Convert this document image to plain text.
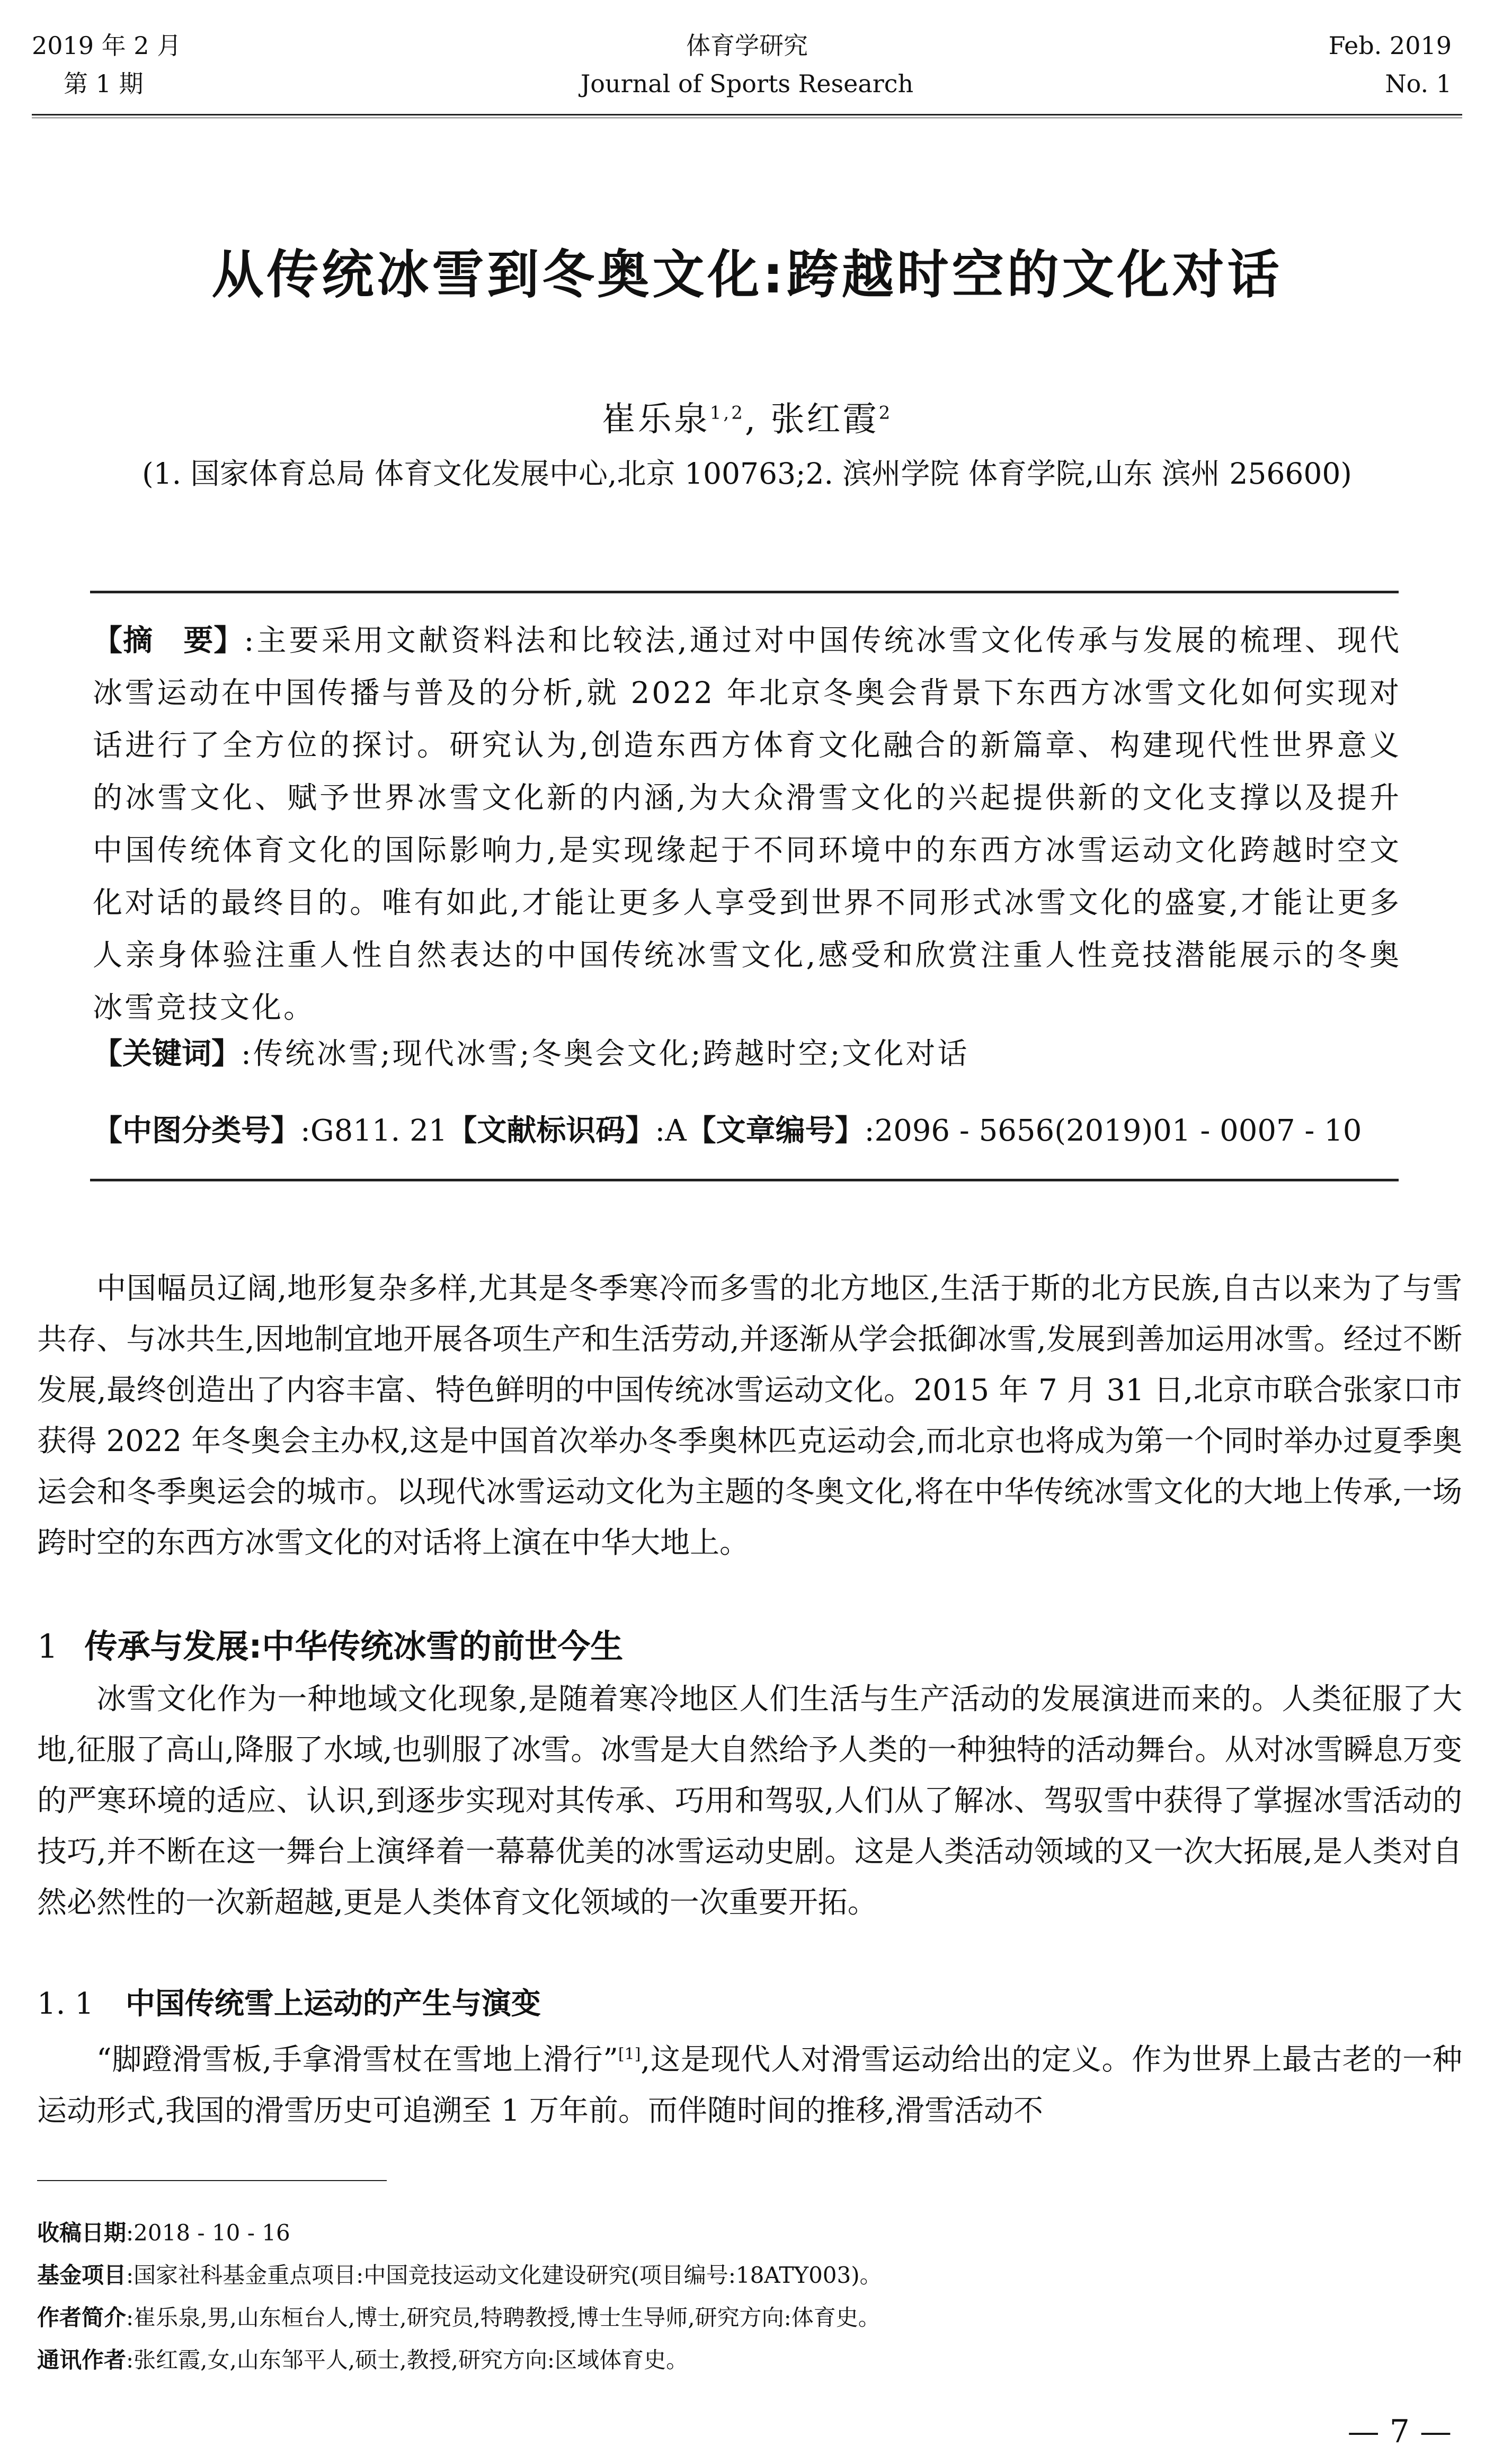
2019 年 2 月
第 1 期
体育学研究
Journal of Sports Research
Feb. 2019
No. 1
从传统冰雪到冬奥文化:跨越时空的文化对话
崔乐泉$^{1,2}$, 张红霞$^2$
(1. 国家体育总局 体育文化发展中心,北京 100763;2. 滨州学院 体育学院,山东 滨州 256600)

【摘　要】:主要采用文献资料法和比较法,通过对中国传统冰雪文化传承与发展的梳理、现代冰雪运动在中国传播与普及的分析,就 2022 年北京冬奥会背景下东西方冰雪文化如何实现对话进行了全方位的探讨。研究认为,创造东西方体育文化融合的新篇章、构建现代性世界意义的冰雪文化、赋予世界冰雪文化新的内涵,为大众滑雪文化的兴起提供新的文化支撑以及提升中国传统体育文化的国际影响力,是实现缘起于不同环境中的东西方冰雪运动文化跨越时空文化对话的最终目的。唯有如此,才能让更多人享受到世界不同形式冰雪文化的盛宴,才能让更多人亲身体验注重人性自然表达的中国传统冰雪文化,感受和欣赏注重人性竞技潜能展示的冬奥冰雪竞技文化。

【关键词】:传统冰雪;现代冰雪;冬奥会文化;跨越时空;文化对话

【中图分类号】:G811. 21【文献标识码】:A【文章编号】:2096 - 5656(2019)01 - 0007 - 10

中国幅员辽阔,地形复杂多样,尤其是冬季寒冷而多雪的北方地区,生活于斯的北方民族,自古以来为了与雪共存、与冰共生,因地制宜地开展各项生产和生活劳动,并逐渐从学会抵御冰雪,发展到善加运用冰雪。经过不断发展,最终创造出了内容丰富、特色鲜明的中国传统冰雪运动文化。2015 年 7 月 31 日,北京市联合张家口市获得 2022 年冬奥会主办权,这是中国首次举办冬季奥林匹克运动会,而北京也将成为第一个同时举办过夏季奥运会和冬季奥运会的城市。以现代冰雪运动文化为主题的冬奥文化,将在中华传统冰雪文化的大地上传承,一场跨时空的东西方冰雪文化的对话将上演在中华大地上。

1 传承与发展:中华传统冰雪的前世今生

冰雪文化作为一种地域文化现象,是随着寒冷地区人们生活与生产活动的发展演进而来的。人类征服了大地,征服了高山,降服了水域,也驯服了冰雪。冰雪是大自然给予人类的一种独特的活动舞台。从对冰雪瞬息万变的严寒环境的适应、认识,到逐步实现对其传承、巧用和驾驭,人们从了解冰、驾驭雪中获得了掌握冰雪活动的技巧,并不断在这一舞台上演绎着一幕幕优美的冰雪运动史剧。这是人类活动领域的又一次大拓展,是人类对自然必然性的一次新超越,更是人类体育文化领域的一次重要开拓。

1. 1 中国传统雪上运动的产生与演变

“脚蹬滑雪板,手拿滑雪杖在雪地上滑行”[1],这是现代人对滑雪运动给出的定义。作为世界上最古老的一种运动形式,我国的滑雪历史可追溯至 1 万年前。而伴随时间的推移,滑雪活动不

收稿日期:2018 - 10 - 16
基金项目:国家社科基金重点项目:中国竞技运动文化建设研究(项目编号:18ATY003)。
作者简介:崔乐泉,男,山东桓台人,博士,研究员,特聘教授,博士生导师,研究方向:体育史。
通讯作者:张红霞,女,山东邹平人,硕士,教授,研究方向:区域体育史。
— 7 —
